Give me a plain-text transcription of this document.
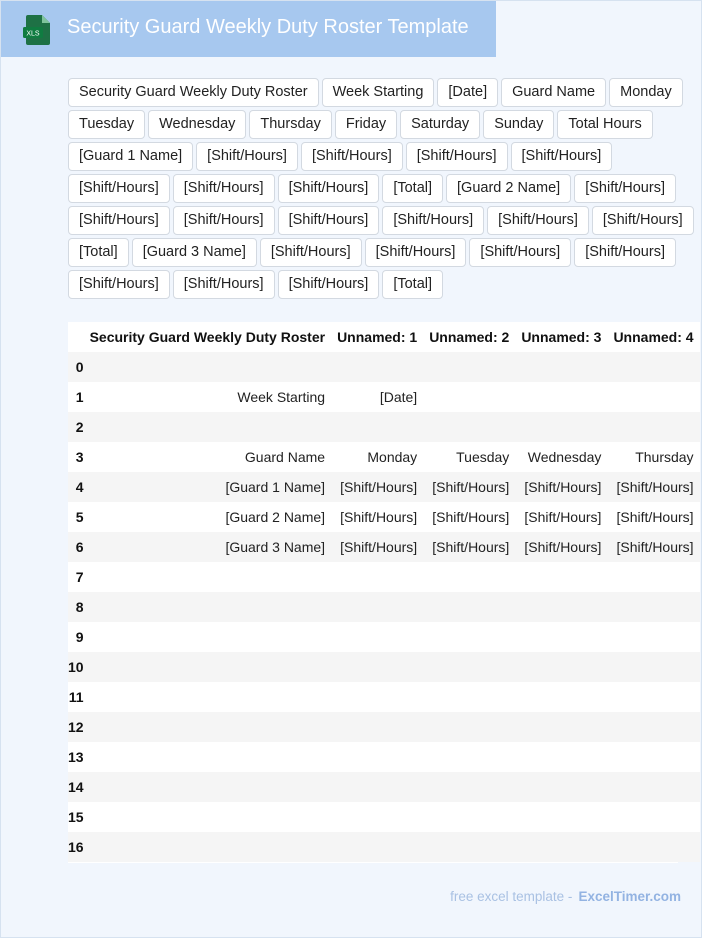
XLS Security Guard Weekly Duty Roster Template
Security Guard Weekly Duty Roster	Week Starting	[Date]	Guard Name	Monday
Tuesday	Wednesday	Thursday	Friday	Saturday	Sunday	Total Hours
[Guard 1 Name]	[Shift/Hours]	[Shift/Hours]	[Shift/Hours]	[Shift/Hours]
[Shift/Hours]	[Shift/Hours]	[Shift/Hours]	[Total]	[Guard 2 Name]	[Shift/Hours]
[Shift/Hours]	[Shift/Hours]	[Shift/Hours]	[Shift/Hours]	[Shift/Hours]	[Shift/Hours]
[Total]	[Guard 3 Name]	[Shift/Hours]	[Shift/Hours]	[Shift/Hours]	[Shift/Hours]
[Shift/Hours]	[Shift/Hours]	[Shift/Hours]	[Total]
	Security Guard Weekly Duty Roster	Unnamed: 1	Unnamed: 2	Unnamed: 3	Unnamed: 4
0					
1	Week Starting	[Date]			
2					
3	Guard Name	Monday	Tuesday	Wednesday	Thursday
4	[Guard 1 Name]	[Shift/Hours]	[Shift/Hours]	[Shift/Hours]	[Shift/Hours]
5	[Guard 2 Name]	[Shift/Hours]	[Shift/Hours]	[Shift/Hours]	[Shift/Hours]
6	[Guard 3 Name]	[Shift/Hours]	[Shift/Hours]	[Shift/Hours]	[Shift/Hours]
7					
8					
9					
10					
11					
12					
13					
14					
15					
16					
free excel template - ExcelTimer.com
